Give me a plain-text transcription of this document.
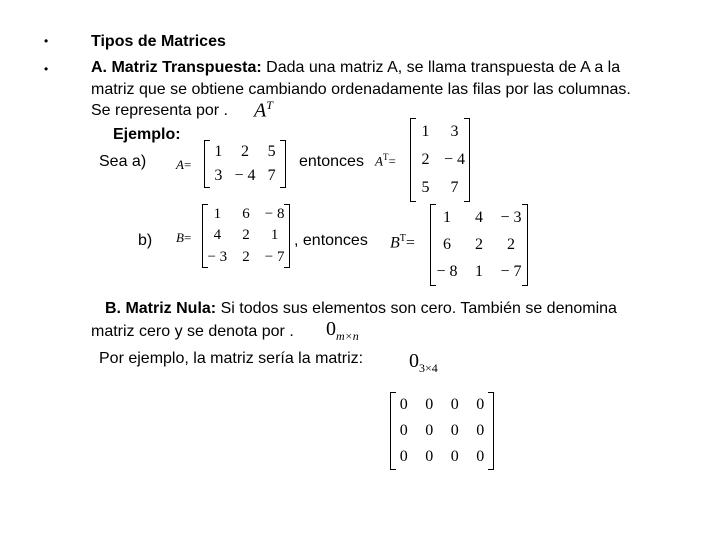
•
•
Tipos de Matrices
A. Matriz Transpuesta: Dada una matriz A, se llama transpuesta de A a la
matriz que se obtiene cambiando ordenadamente las filas por las columnas.
Se representa por . $A^T$
Ejemplo:
Sea a) A=
1	2	5
3 − 4 7
entonces $A^T=$
1	3
2 − 4
5	7
b) B=
1	6	− 8
4	2	1
− 3	2	− 7
, entonces $B^T=$
1	4	− 3
6	2	2
− 8	1	− 7
B. Matriz Nula: Si todos sus elementos son cero. También se denomina
matriz cero y se denota por . $0_{m\times n}$
Por ejemplo, la matriz sería la matriz: $0_{3\times 4}$
0	0	0	0
0	0	0	0
0	0	0	0
